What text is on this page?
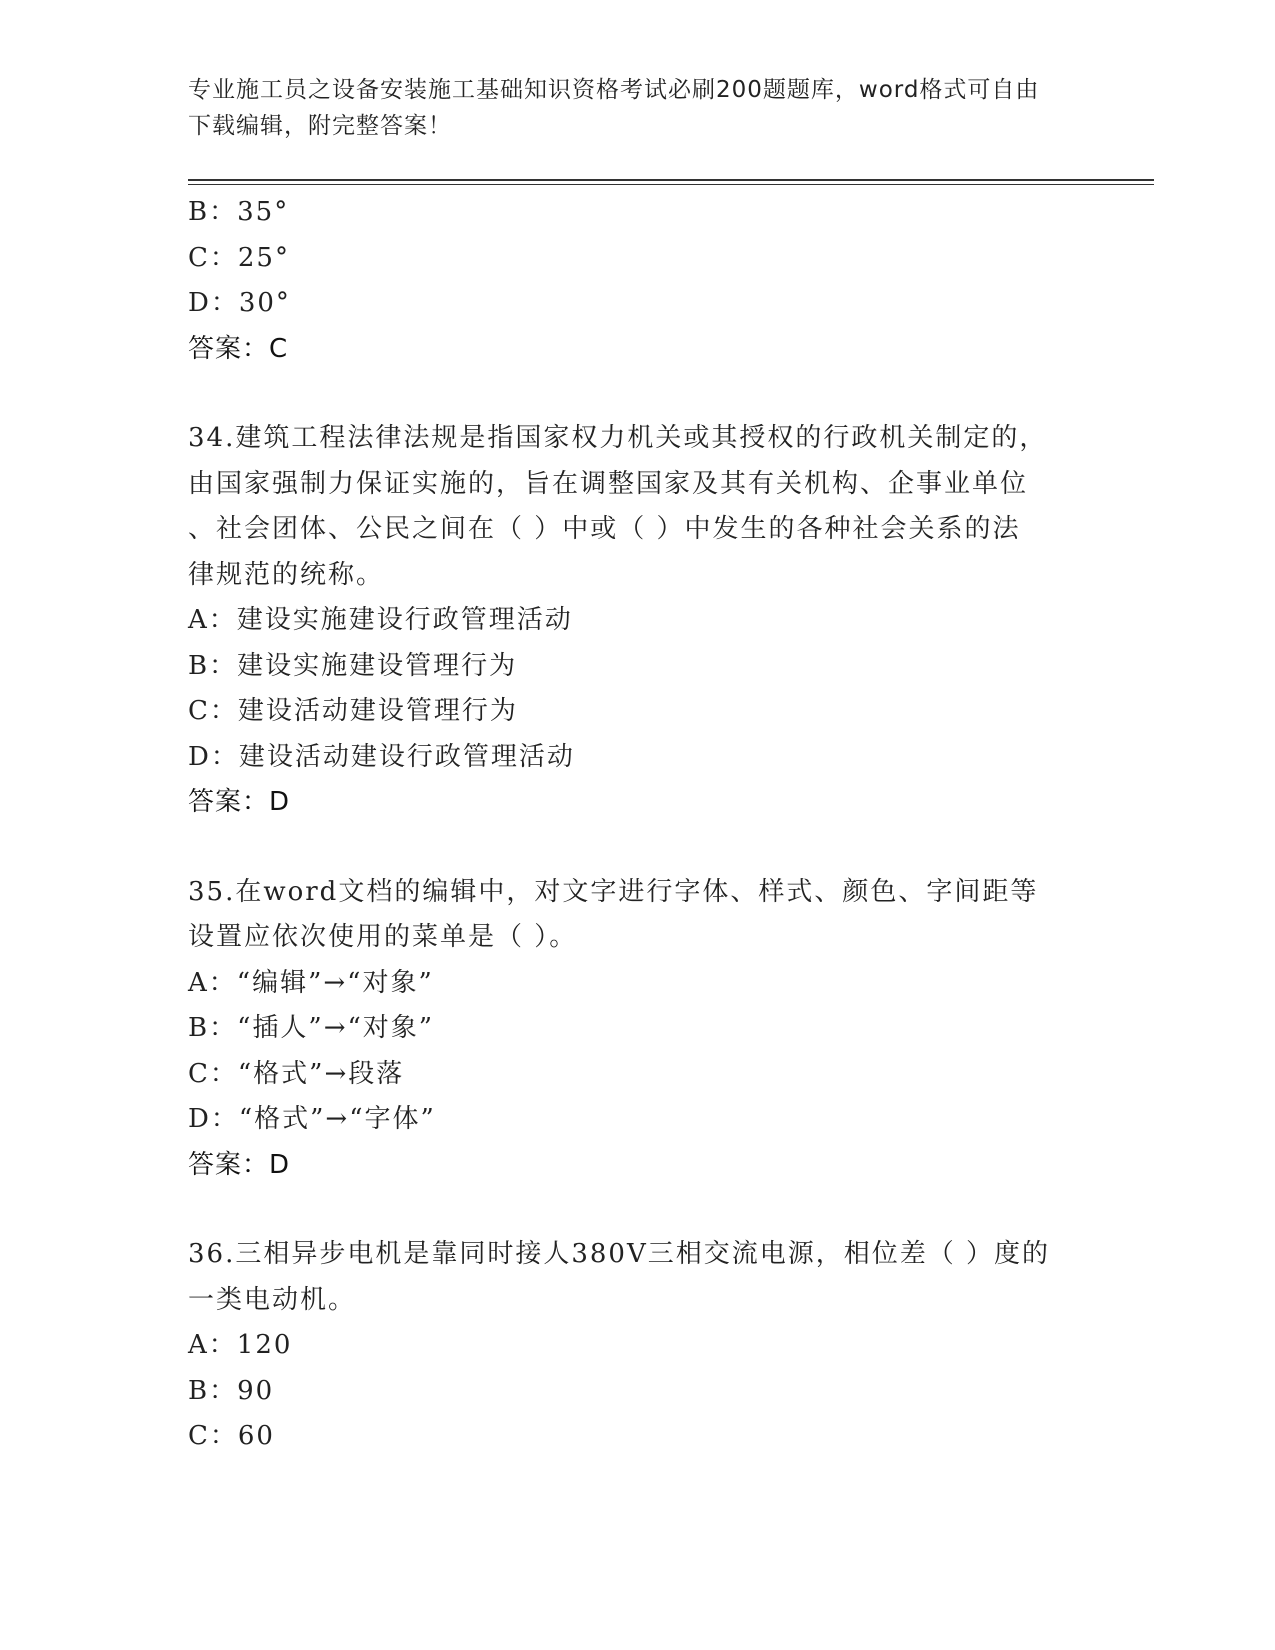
专业施工员之设备安装施工基础知识资格考试必刷200题题库，word格式可自由
下载编辑，附完整答案！
B：35°
C：25°
D：30°
答案：C
34.建筑工程法律法规是指国家权力机关或其授权的行政机关制定的，
由国家强制力保证实施的，旨在调整国家及其有关机构、企事业单位
、社会团体、公民之间在（ ）中或（ ）中发生的各种社会关系的法
律规范的统称。
A：建设实施建设行政管理活动
B：建设实施建设管理行为
C：建设活动建设管理行为
D：建设活动建设行政管理活动
答案：D
35.在word文档的编辑中，对文字进行字体、样式、颜色、字间距等
设置应依次使用的菜单是（ ）。
A：“编辑”→“对象”
B：“插人”→“对象”
C：“格式”→段落
D：“格式”→“字体”
答案：D
36.三相异步电机是靠同时接人380V三相交流电源，相位差（ ）度的
一类电动机。
A：120
B：90
C：60
